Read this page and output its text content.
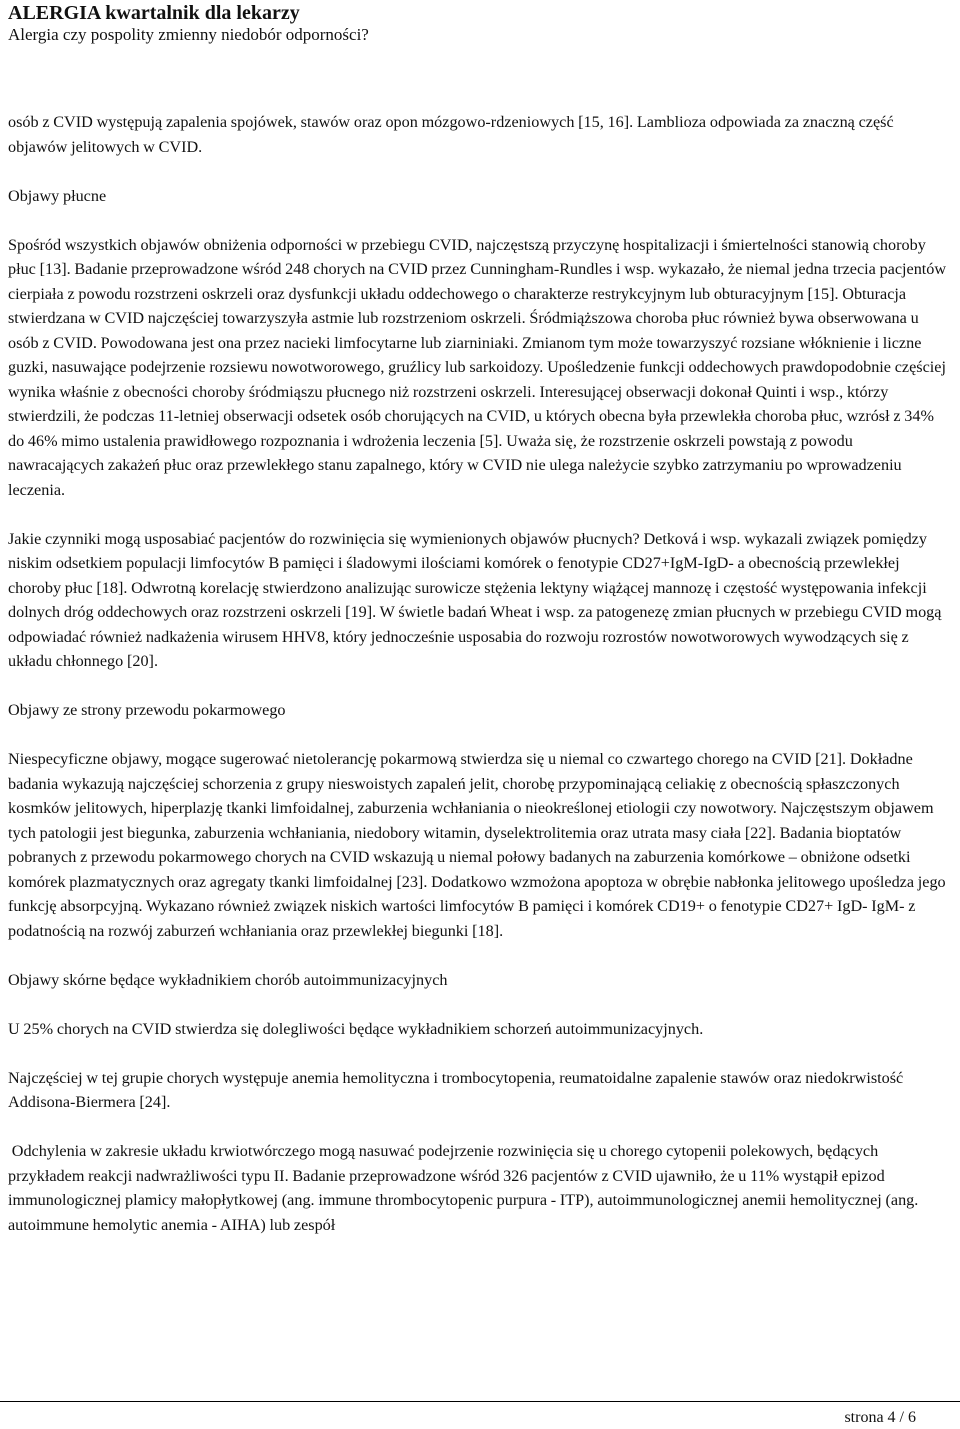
ALERGIA kwartalnik dla lekarzy
Alergia czy pospolity zmienny niedobór odporności?

osób z CVID występują zapalenia spojówek, stawów oraz opon mózgowo-rdzeniowych [15, 16]. Lamblioza odpowiada za znaczną część objawów jelitowych w CVID.

Objawy płucne

Spośród wszystkich objawów obniżenia odporności w przebiegu CVID, najczęstszą przyczynę hospitalizacji i śmiertelności stanowią choroby płuc [13]. Badanie przeprowadzone wśród 248 chorych na CVID przez Cunningham-Rundles i wsp. wykazało, że niemal jedna trzecia pacjentów cierpiała z powodu rozstrzeni oskrzeli oraz dysfunkcji układu oddechowego o charakterze restrykcyjnym lub obturacyjnym [15]. Obturacja stwierdzana w CVID najczęściej towarzyszyła astmie lub rozstrzeniom oskrzeli. Śródmiąższowa choroba płuc również bywa obserwowana u osób z CVID. Powodowana jest ona przez nacieki limfocytarne lub ziarniniaki. Zmianom tym może towarzyszyć rozsiane włóknienie i liczne guzki, nasuwające podejrzenie rozsiewu nowotworowego, gruźlicy lub sarkoidozy. Upośledzenie funkcji oddechowych prawdopodobnie częściej wynika właśnie z obecności choroby śródmiąszu płucnego niż rozstrzeni oskrzeli. Interesującej obserwacji dokonał Quinti i wsp., którzy stwierdzili, że podczas 11-letniej obserwacji odsetek osób chorujących na CVID, u których obecna była przewlekła choroba płuc, wzrósł z 34% do 46% mimo ustalenia prawidłowego rozpoznania i wdrożenia leczenia [5]. Uważa się, że rozstrzenie oskrzeli powstają z powodu nawracających zakażeń płuc oraz przewlekłego stanu zapalnego, który w CVID nie ulega należycie szybko zatrzymaniu po wprowadzeniu leczenia.

Jakie czynniki mogą usposabiać pacjentów do rozwinięcia się wymienionych objawów płucnych? Detková i wsp. wykazali związek pomiędzy niskim odsetkiem populacji limfocytów B pamięci i śladowymi ilościami komórek o fenotypie CD27+IgM-IgD- a obecnością przewlekłej choroby płuc [18]. Odwrotną korelację stwierdzono analizując surowicze stężenia lektyny wiążącej mannozę i częstość występowania infekcji dolnych dróg oddechowych oraz rozstrzeni oskrzeli [19]. W świetle badań Wheat i wsp. za patogenezę zmian płucnych w przebiegu CVID mogą odpowiadać również nadkażenia wirusem HHV8, który jednocześnie usposabia do rozwoju rozrostów nowotworowych wywodzących się z układu chłonnego [20].

Objawy ze strony przewodu pokarmowego

Niespecyficzne objawy, mogące sugerować nietolerancję pokarmową stwierdza się u niemal co czwartego chorego na CVID [21]. Dokładne badania wykazują najczęściej schorzenia z grupy nieswoistych zapaleń jelit, chorobę przypominającą celiakię z obecnością spłaszczonych kosmków jelitowych, hiperplazję tkanki limfoidalnej, zaburzenia wchłaniania o nieokreślonej etiologii czy nowotwory. Najczęstszym objawem tych patologii jest biegunka, zaburzenia wchłaniania, niedobory witamin, dyselektrolitemia oraz utrata masy ciała [22]. Badania bioptatów pobranych z przewodu pokarmowego chorych na CVID wskazują u niemal połowy badanych na zaburzenia komórkowe – obniżone odsetki komórek plazmatycznych oraz agregaty tkanki limfoidalnej [23]. Dodatkowo wzmożona apoptoza w obrębie nabłonka jelitowego upośledza jego funkcję absorpcyjną. Wykazano również związek niskich wartości limfocytów B pamięci i komórek CD19+ o fenotypie CD27+ IgD- IgM- z podatnością na rozwój zaburzeń wchłaniania oraz przewlekłej biegunki [18].

Objawy skórne będące wykładnikiem chorób autoimmunizacyjnych

U 25% chorych na CVID stwierdza się dolegliwości będące wykładnikiem schorzeń autoimmunizacyjnych.

Najczęściej w tej grupie chorych występuje anemia hemolityczna i trombocytopenia, reumatoidalne zapalenie stawów oraz niedokrwistość Addisona-Biermera [24].

Odchylenia w zakresie układu krwiotwórczego mogą nasuwać podejrzenie rozwinięcia się u chorego cytopenii polekowych, będących przykładem reakcji nadwrażliwości typu II. Badanie przeprowadzone wśród 326 pacjentów z CVID ujawniło, że u 11% wystąpił epizod immunologicznej plamicy małopłytkowej (ang. immune thrombocytopenic purpura - ITP), autoimmunologicznej anemii hemolitycznej (ang. autoimmune hemolytic anemia - AIHA) lub zespół

strona 4 / 6
